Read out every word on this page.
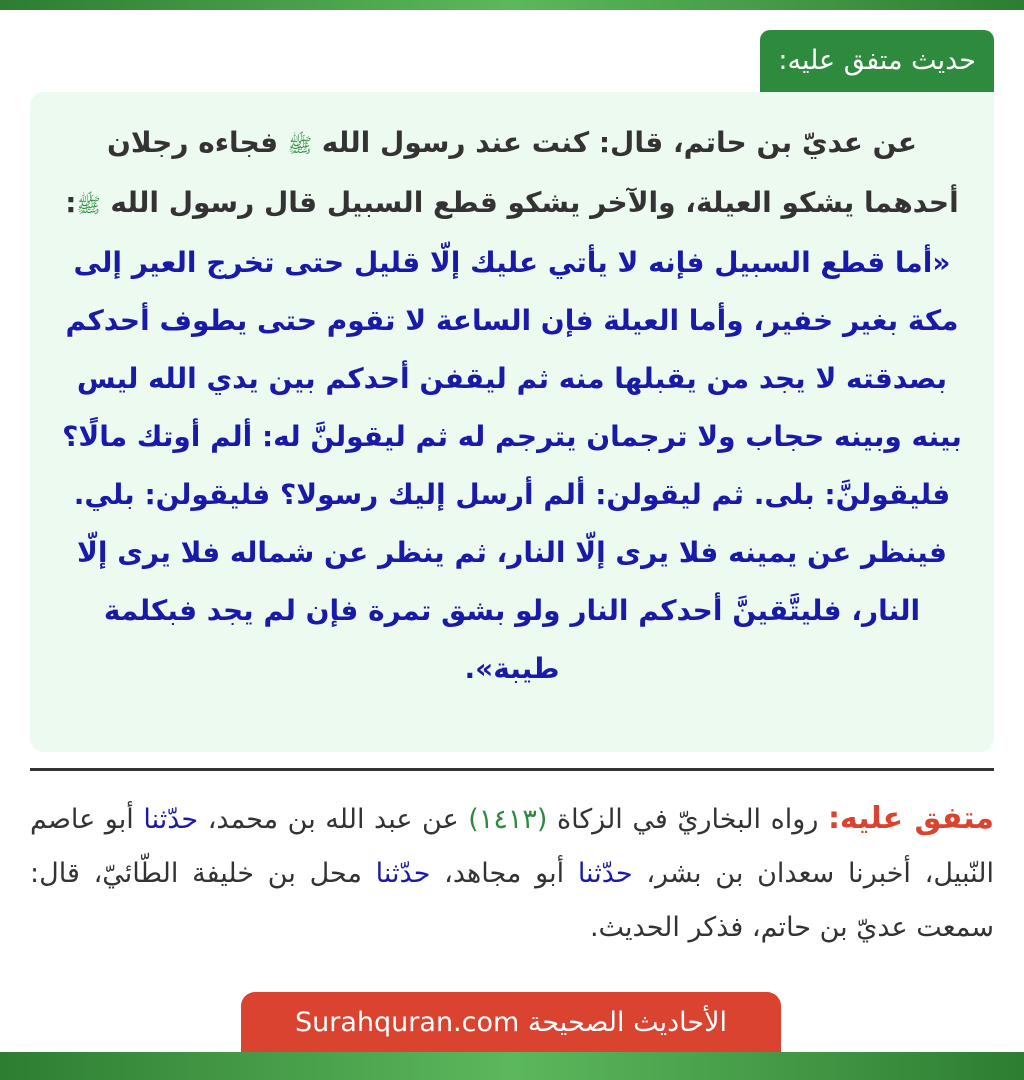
حديث متفق عليه:
عن عديّ بن حاتم، قال: كنت عند رسول الله ﷺ فجاءه رجلان أحدهما يشكو العيلة، والآخر يشكو قطع السبيل قال رسول الله ﷺ: «أما قطع السبيل فإنه لا يأتي عليك إلّا قليل حتى تخرج العير إلى مكة بغير خفير، وأما العيلة فإن الساعة لا تقوم حتى يطوف أحدكم بصدقته لا يجد من يقبلها منه ثم ليقفن أحدكم بين يدي الله ليس بينه وبينه حجاب ولا ترجمان يترجم له ثم ليقولنَّ له: ألم أوتك مالًا؟ فليقولنَّ: بلى. ثم ليقولن: ألم أرسل إليك رسولا؟ فليقولن: بلي. فينظر عن يمينه فلا يرى إلّا النار، ثم ينظر عن شماله فلا يرى إلّا النار، فليتَّقينَّ أحدكم النار ولو بشق تمرة فإن لم يجد فبكلمة طيبة».
متفق عليه: رواه البخاريّ في الزكاة (١٤١٣) عن عبد الله بن محمد، حدّثنا أبو عاصم النّبيل، أخبرنا سعدان بن بشر، حدّثنا أبو مجاهد، حدّثنا محل بن خليفة الطّائيّ، قال: سمعت عديّ بن حاتم، فذكر الحديث.
الأحاديث الصحيحة Surahquran.com
